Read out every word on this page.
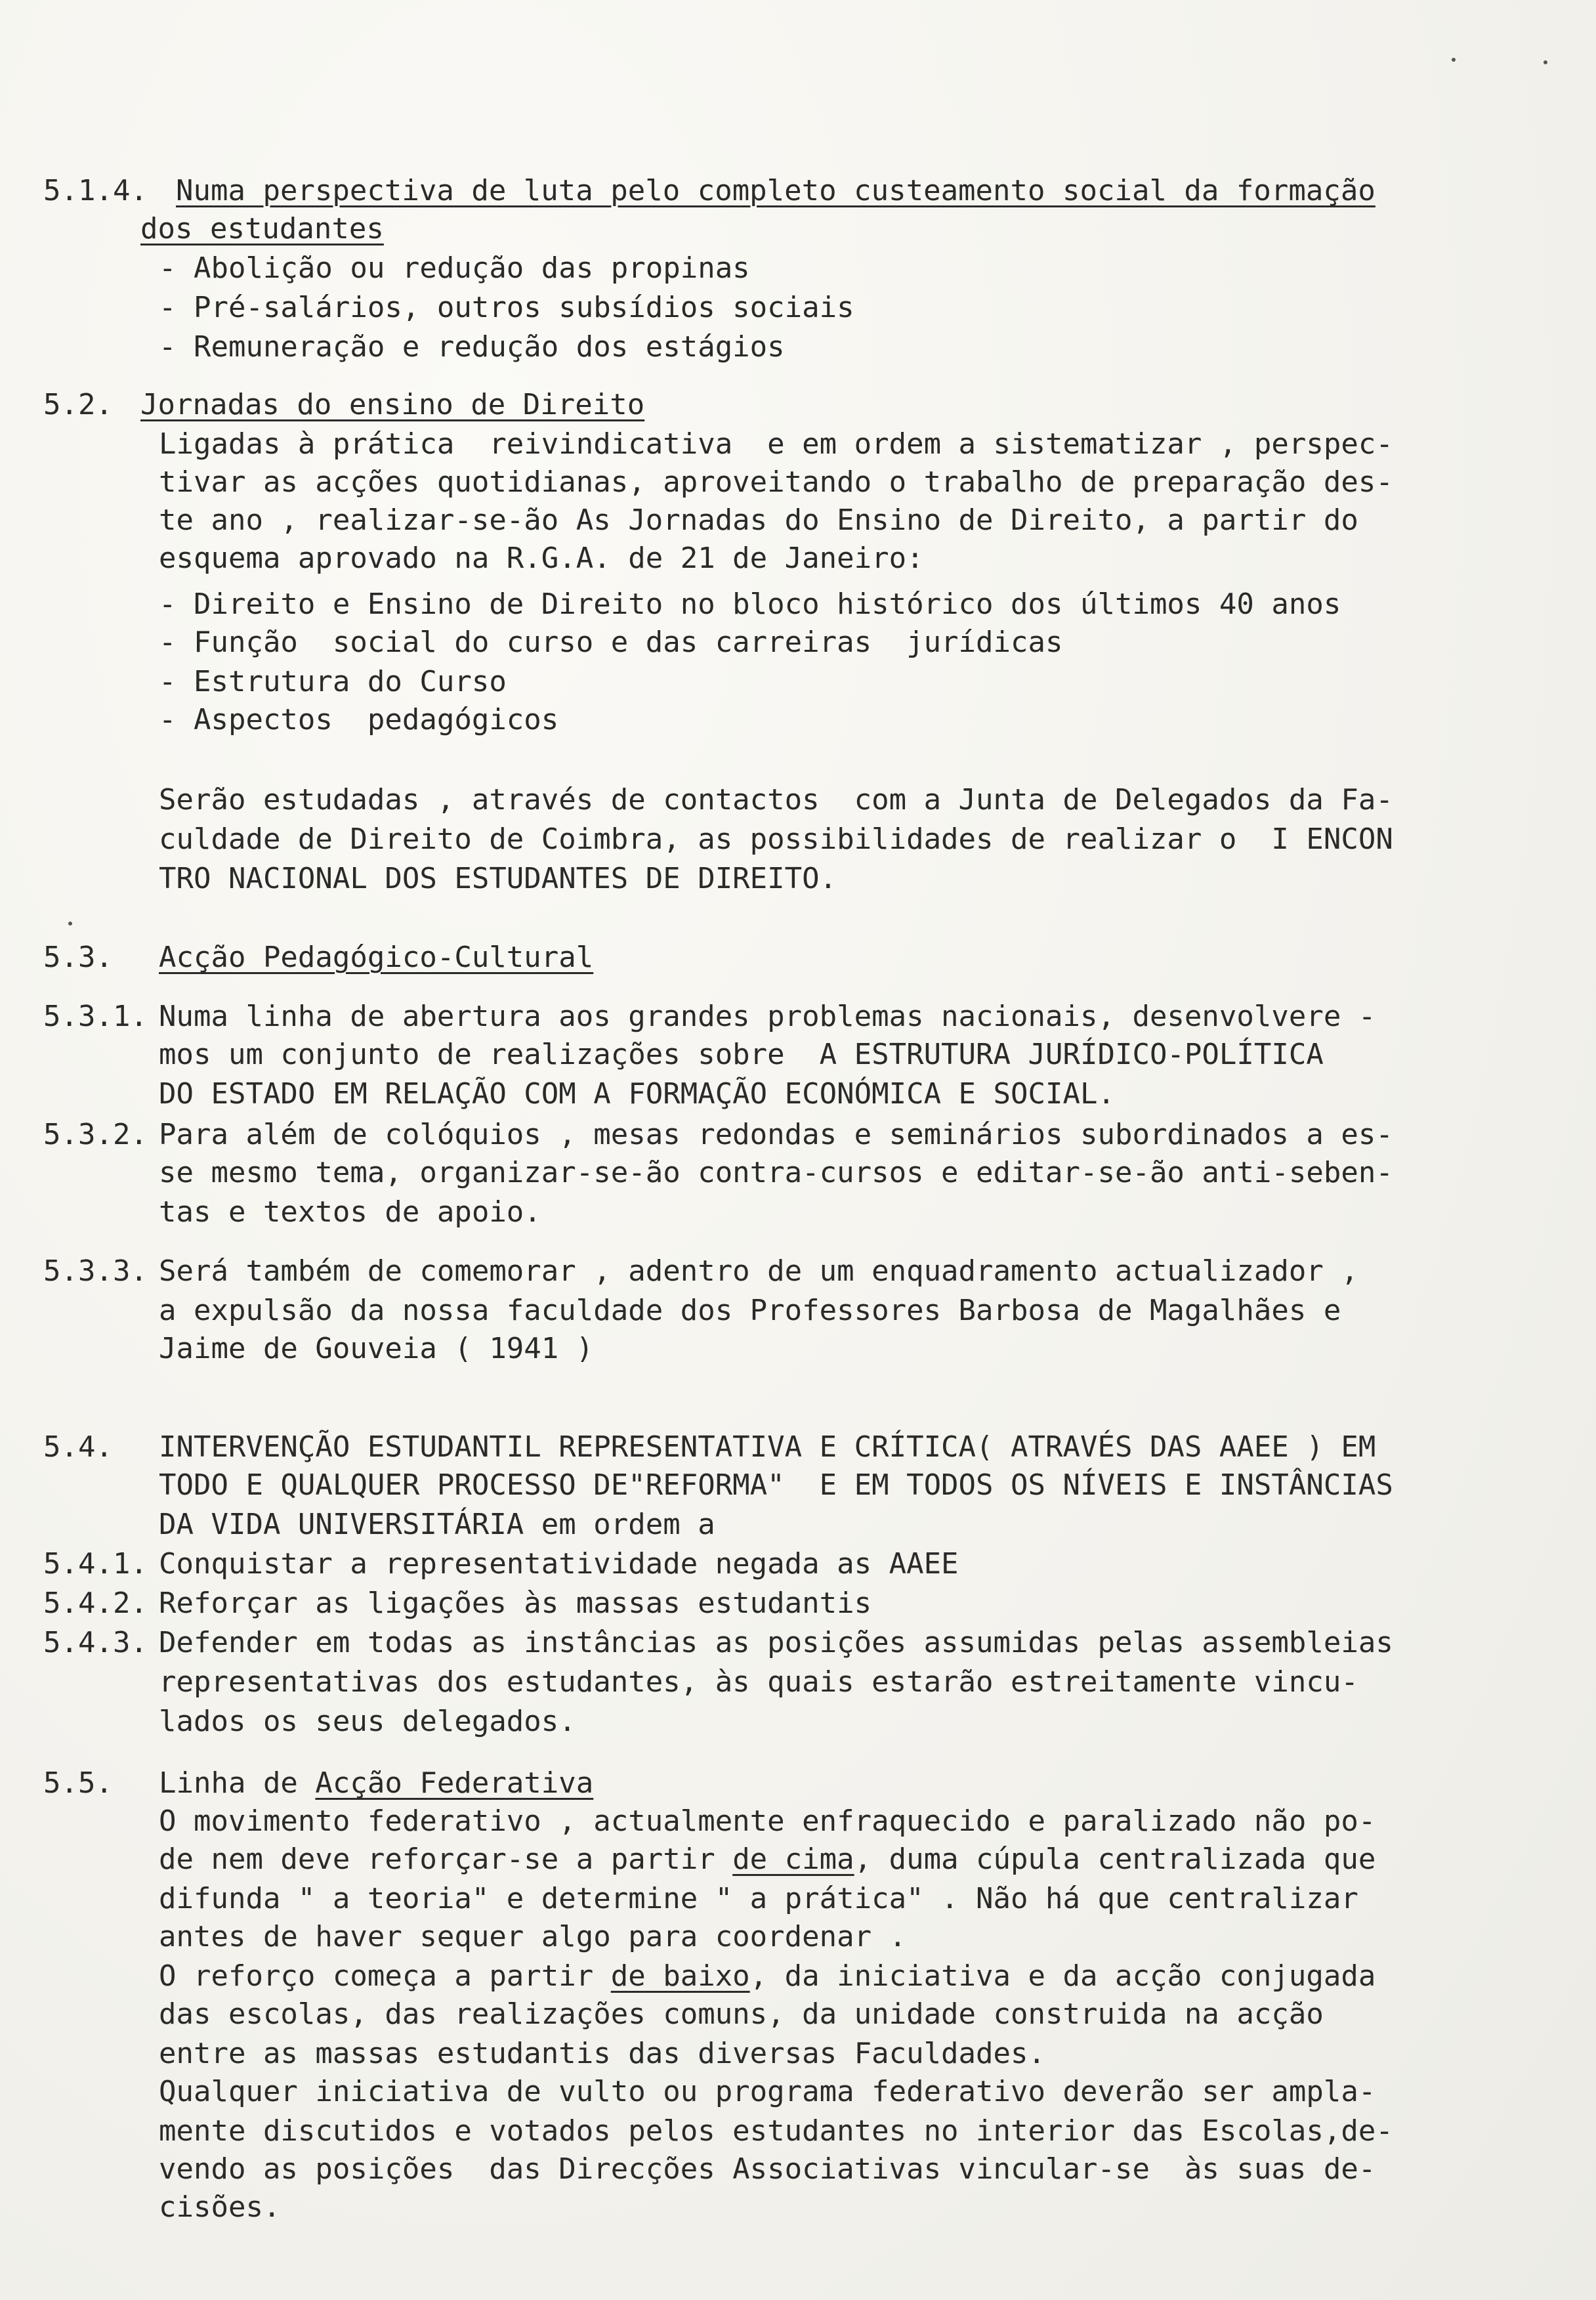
5.1.4. Numa perspectiva de luta pelo completo custeamento social da formação
dos estudantes
- Abolição ou redução das propinas
- Pré-salários, outros subsídios sociais
- Remuneração e redução dos estágios
5.2. Jornadas do ensino de Direito
Ligadas à prática  reivindicativa  e em ordem a sistematizar , perspec-
tivar as acções quotidianas, aproveitando o trabalho de preparação des-
te ano , realizar-se-ão As Jornadas do Ensino de Direito, a partir do
esquema aprovado na R.G.A. de 21 de Janeiro:
- Direito e Ensino de Direito no bloco histórico dos últimos 40 anos
- Função  social do curso e das carreiras  jurídicas
- Estrutura do Curso
- Aspectos  pedagógicos
Serão estudadas , através de contactos  com a Junta de Delegados da Fa-
culdade de Direito de Coimbra, as possibilidades de realizar o  I ENCON
TRO NACIONAL DOS ESTUDANTES DE DIREITO.
5.3. Acção Pedagógico-Cultural
5.3.1. Numa linha de abertura aos grandes problemas nacionais, desenvolvere -
mos um conjunto de realizações sobre  A ESTRUTURA JURÍDICO-POLÍTICA
DO ESTADO EM RELAÇÃO COM A FORMAÇÃO ECONÓMICA E SOCIAL.
5.3.2. Para além de colóquios , mesas redondas e seminários subordinados a es-
se mesmo tema, organizar-se-ão contra-cursos e editar-se-ão anti-seben-
tas e textos de apoio.
5.3.3. Será também de comemorar , adentro de um enquadramento actualizador ,
a expulsão da nossa faculdade dos Professores Barbosa de Magalhães e
Jaime de Gouveia ( 1941 )
5.4. INTERVENÇÃO ESTUDANTIL REPRESENTATIVA E CRÍTICA( ATRAVÉS DAS AAEE ) EM
TODO E QUALQUER PROCESSO DE"REFORMA"  E EM TODOS OS NÍVEIS E INSTÂNCIAS
DA VIDA UNIVERSITÁRIA em ordem a
5.4.1. Conquistar a representatividade negada as AAEE
5.4.2. Reforçar as ligações às massas estudantis
5.4.3. Defender em todas as instâncias as posições assumidas pelas assembleias
representativas dos estudantes, às quais estarão estreitamente vincu-
lados os seus delegados.
5.5. Linha de Acção Federativa
O movimento federativo , actualmente enfraquecido e paralizado não po-
de nem deve reforçar-se a partir de cima, duma cúpula centralizada que
difunda " a teoria" e determine " a prática" . Não há que centralizar
antes de haver sequer algo para coordenar .
O reforço começa a partir de baixo, da iniciativa e da acção conjugada
das escolas, das realizações comuns, da unidade construida na acção
entre as massas estudantis das diversas Faculdades.
Qualquer iniciativa de vulto ou programa federativo deverão ser ampla-
mente discutidos e votados pelos estudantes no interior das Escolas,de-
vendo as posições  das Direcções Associativas vincular-se  às suas de-
cisões.
